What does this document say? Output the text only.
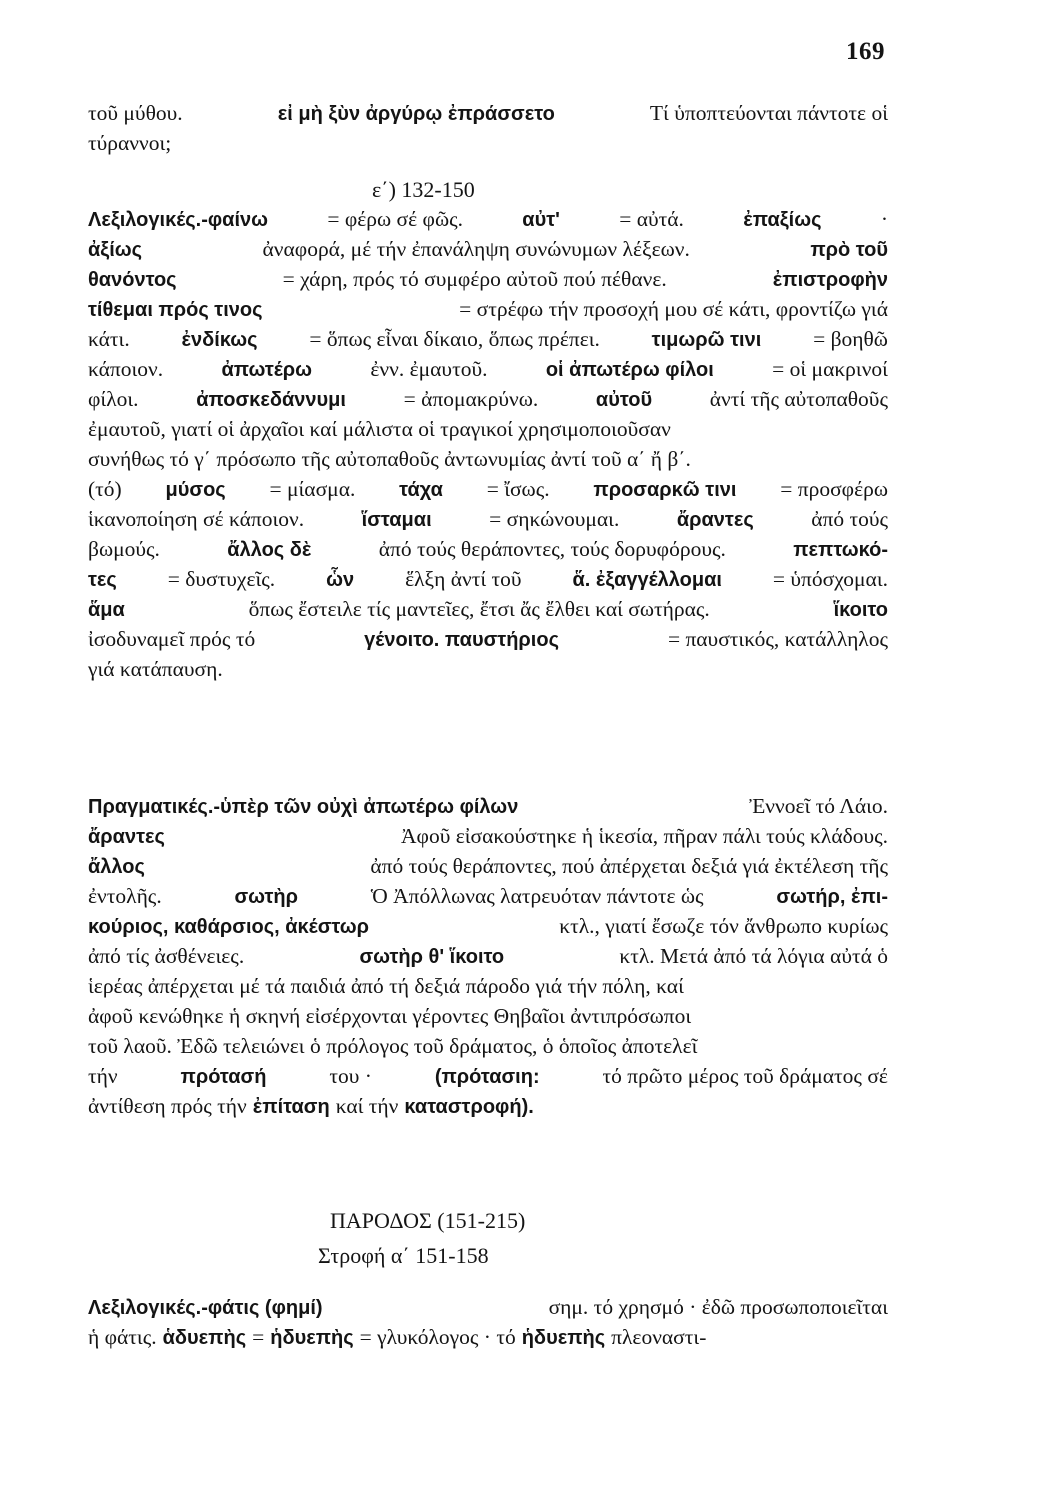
169
τοῦ μύθου.	εἰ μὴ ξὺν ἀργύρῳ ἐπράσσετο	Τί ὑποπτεύονται πάντοτε οἱ
τύραννοι;
ε΄) 132-150
Λεξιλογικές.-φαίνω	= φέρω σέ φῶς.	αὐτ'	= αὐτά.	ἐπαξίως	·
ἀξίως	ἀναφορά, μέ τήν ἐπανάληψη συνώνυμων λέξεων.	πρὸ τοῦ
θανόντος	= χάρη, πρός τό συμφέρο αὐτοῦ πού πέθανε.	ἐπιστροφὴν
τίθεμαι πρός τινος	= στρέφω τήν προσοχή μου σέ κάτι, φροντίζω γιά
κάτι.	ἐνδίκως = ὅπως εἶναι δίκαιο, ὅπως πρέπει.	τιμωρῶ τινι = βοηθῶ
κάποιον.	ἀπωτέρω	ἐνν. ἐμαυτοῦ.	οἱ ἀπωτέρω φίλοι	= οἱ μακρινοί
φίλοι.	ἀποσκεδάννυμι	= ἀπομακρύνω.	αὐτοῦ	ἀντί τῆς αὐτοπαθοῦς
ἐμαυτοῦ, γιατί οἱ ἀρχαῖοι καί μάλιστα οἱ τραγικοί χρησιμοποιοῦσαν
συνήθως τό γ΄ πρόσωπο τῆς αὐτοπαθοῦς ἀντωνυμίας ἀντί τοῦ α΄ ἤ β΄.
(τό) μύσος = μίασμα. τάχα = ἴσως. προσαρκῶ τινι = προσφέρω
ἱκανοποίηση σέ κάποιον.	ἵσταμαι	= σηκώνουμαι.	ἄραντες	ἀπό τούς
βωμούς.	ἄλλος δὲ	ἀπό τούς θεράποντες, τούς δορυφόρους.	πεπτωκό-
τες = δυστυχεῖς.	ὧν ἕλξη ἀντί τοῦ	ἅ. ἐξαγγέλλομαι = ὑπόσχομαι.
ἅμα	ὅπως ἔστειλε τίς μαντεῖες, ἔτσι ἄς ἔλθει καί σωτήρας.	ἵκοιτο
ἰσοδυναμεῖ πρός τό	γένοιτο. παυστήριος	= παυστικός, κατάλληλος
γιά κατάπαυση.
Πραγματικές.-ὑπὲρ τῶν οὐχὶ ἀπωτέρω φίλων	Ἐννοεῖ τό Λάιο.
ἄραντες	Ἀφοῦ εἰσακούστηκε ἡ ἱκεσία, πῆραν πάλι τούς κλάδους.
ἄλλος	ἀπό τούς θεράποντες, πού ἀπέρχεται δεξιά γιά ἐκτέλεση τῆς
ἐντολῆς.	σωτὴρ	Ὁ Ἀπόλλωνας λατρευόταν πάντοτε ὡς	σωτήρ, ἐπι-
κούριος, καθάρσιος, ἀκέστωρ	κτλ., γιατί ἔσωζε τόν ἄνθρωπο κυρίως
ἀπό τίς ἀσθένειες.	σωτὴρ θ' ἵκοιτο	κτλ. Μετά ἀπό τά λόγια αὐτά ὁ
ἱερέας ἀπέρχεται μέ τά παιδιά ἀπό τή δεξιά πάροδο γιά τήν πόλη, καί
ἀφοῦ κενώθηκε ἡ σκηνή εἰσέρχονται γέροντες Θηβαῖοι ἀντιπρόσωποι
τοῦ λαοῦ. Ἐδῶ τελειώνει ὁ πρόλογος τοῦ δράματος, ὁ ὁποῖος ἀποτελεῖ
τήν	πρότασή	του ·	(πρότασιη:	τό πρῶτο μέρος τοῦ δράματος σέ
ἀντίθεση πρός τήν ἐπίταση καί τήν καταστροφή).
ΠΑΡΟΔΟΣ (151-215)
Στροφή α΄ 151-158
Λεξιλογικές.-φάτις (φημί)	σημ. τό χρησμό · ἐδῶ προσωποποιεῖται
ἡ φάτις. ἁδυεπὴς = ἡδυεπὴς = γλυκόλογος · τό ἡδυεπὴς πλεοναστι-
